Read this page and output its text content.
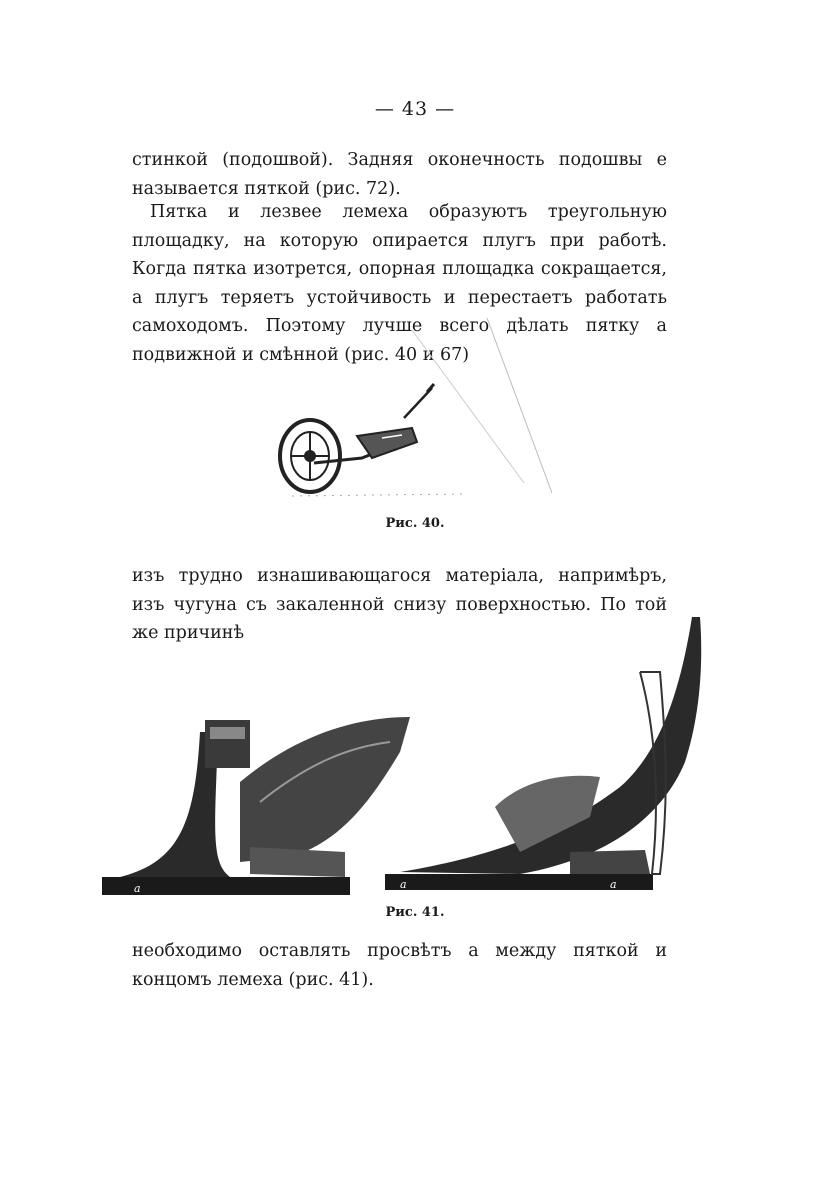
— 43 —

стинкой (подошвой). Задняя оконечность подошвы е называется пяткой (рис. 72).

Пятка и лезвее лемеха образуютъ треугольную площадку, на которую опирается плугъ при работѣ. Когда пятка изотрется, опорная площадка сокращается, а плугъ теряетъ устойчивость и перестаетъ работать самоходомъ. Поэтому лучше всего дѣлать пятку а подвижной и смѣнной (рис. 40 и 67)

Рис. 40.

изъ трудно изнашивающагося матеріала, напримѣръ, изъ чугуна съ закаленной снизу поверхностью. По той же причинѣ

a	a	a
Рис. 41.

необходимо оставлять просвѣтъ а между пяткой и концомъ лемеха (рис. 41).
